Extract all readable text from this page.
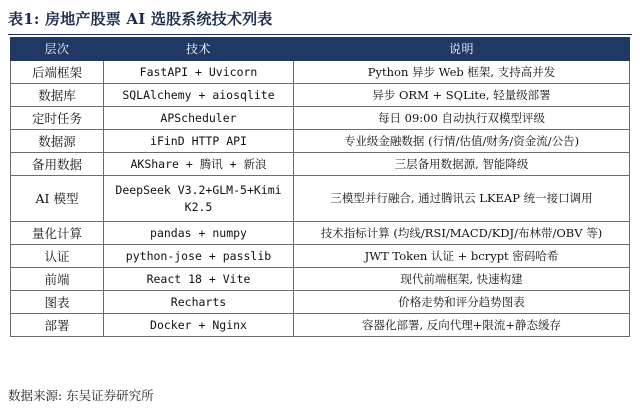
表1: 房地产股票 AI 选股系统技术列表
层次	技术	说明
后端框架	FastAPI + Uvicorn	Python 异步 Web 框架, 支持高并发
数据库	SQLAlchemy + aiosqlite	异步 ORM + SQLite, 轻量级部署
定时任务	APScheduler	每日 09:00 自动执行双模型评级
数据源	iFinD HTTP API	专业级金融数据 (行情/估值/财务/资金流/公告)
备用数据	AKShare + 腾讯 + 新浪	三层备用数据源, 智能降级
AI 模型	DeepSeek V3.2+GLM-5+Kimi K2.5	三模型并行融合, 通过腾讯云 LKEAP 统一接口调用
量化计算	pandas + numpy	技术指标计算 (均线/RSI/MACD/KDJ/布林带/OBV 等)
认证	python-jose + passlib	JWT Token 认证 + bcrypt 密码哈希
前端	React 18 + Vite	现代前端框架, 快速构建
图表	Recharts	价格走势和评分趋势图表
部署	Docker + Nginx	容器化部署, 反向代理+限流+静态缓存
数据来源: 东吴证券研究所
